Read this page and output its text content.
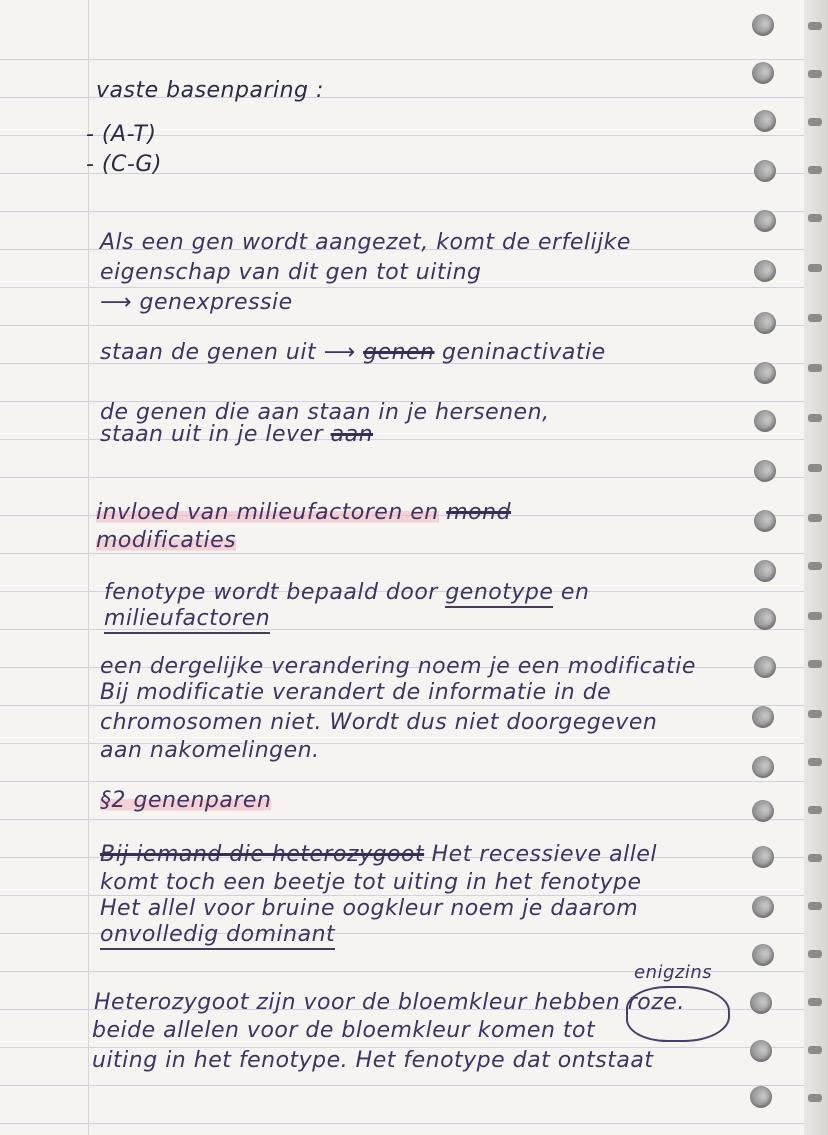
vaste basenparing :
- (A-T)
- (C-G)
Als een gen wordt aangezet, komt de erfelijke
eigenschap van dit gen tot uiting
⟶ genexpressie
staan de genen uit ⟶ genen geninactivatie
de genen die aan staan in je hersenen,
staan uit in je lever aan
invloed van milieufactoren en mond
modificaties
fenotype wordt bepaald door genotype en
milieufactoren
een dergelijke verandering noem je een modificatie
Bij modificatie verandert de informatie in de
chromosomen niet. Wordt dus niet doorgegeven
aan nakomelingen.
§2 genenparen
Bij iemand die heterozygoot Het recessieve allel
komt toch een beetje tot uiting in het fenotype
Het allel voor bruine oogkleur noem je daarom
onvolledig dominant
enigzins
Heterozygoot zijn voor de bloemkleur hebben roze.
beide allelen voor de bloemkleur komen tot
uiting in het fenotype. Het fenotype dat ontstaat
